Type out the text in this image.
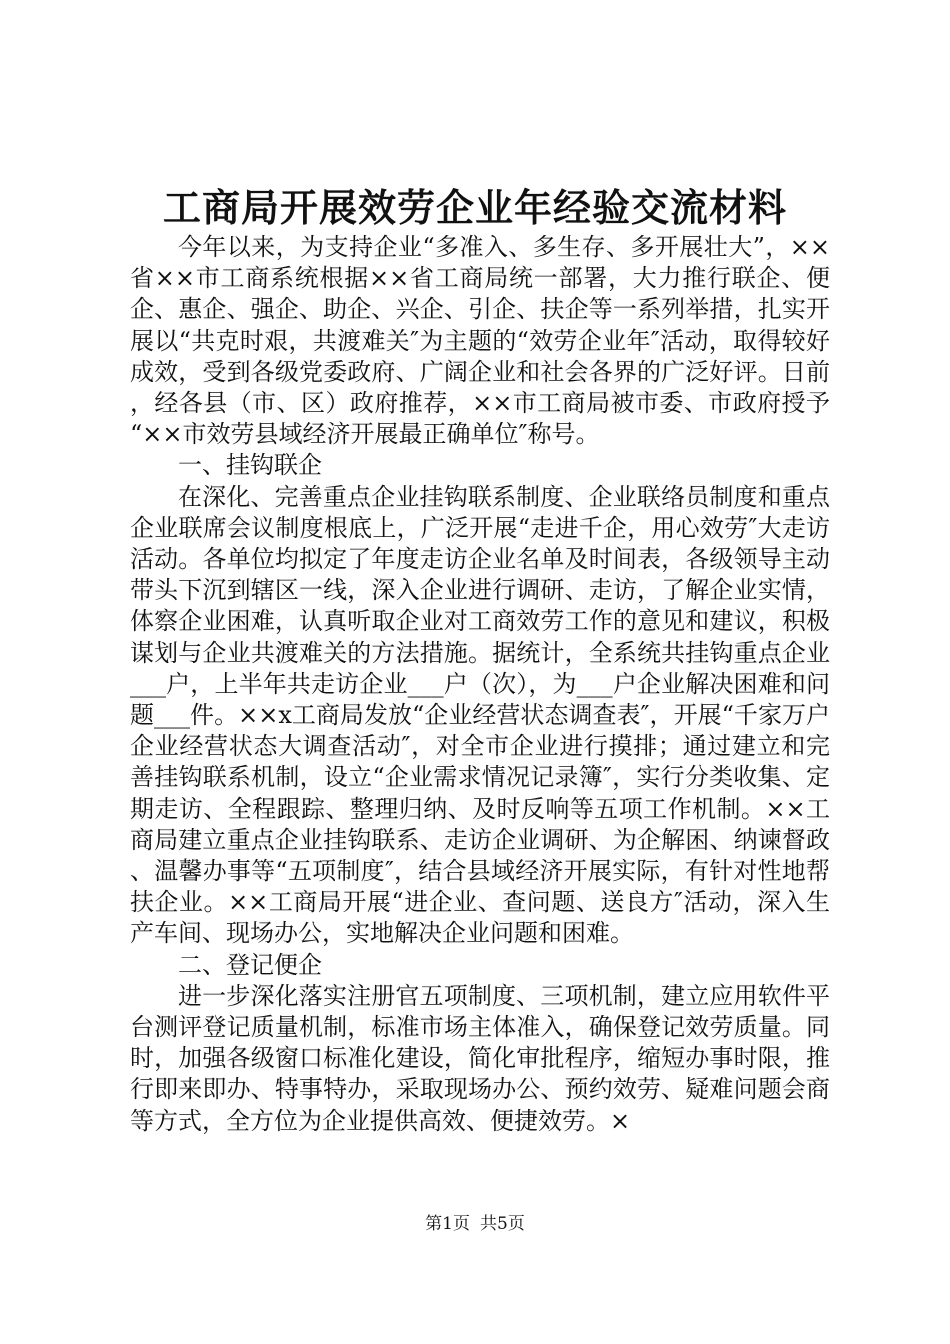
工商局开展效劳企业年经验交流材料

今年以来，为支持企业“多准入、多生存、多开展壮大”，××省××市工商系统根据××省工商局统一部署，大力推行联企、便企、惠企、强企、助企、兴企、引企、扶企等一系列举措，扎实开展以“共克时艰，共渡难关″为主题的“效劳企业年″活动，取得较好成效，受到各级党委政府、广阔企业和社会各界的广泛好评。日前，经各县（市、区）政府推荐，××市工商局被市委、市政府授予“××市效劳县域经济开展最正确单位″称号。

一、挂钩联企

在深化、完善重点企业挂钩联系制度、企业联络员制度和重点企业联席会议制度根底上，广泛开展“走进千企，用心效劳″大走访活动。各单位均拟定了年度走访企业名单及时间表，各级领导主动带头下沉到辖区一线，深入企业进行调研、走访，了解企业实情，体察企业困难，认真听取企业对工商效劳工作的意见和建议，积极谋划与企业共渡难关的方法措施。据统计，全系统共挂钩重点企业___户，上半年共走访企业___户（次），为___户企业解决困难和问题___件。××x工商局发放“企业经营状态调查表″，开展“千家万户企业经营状态大调查活动″，对全市企业进行摸排；通过建立和完善挂钩联系机制，设立“企业需求情况记录簿″，实行分类收集、定期走访、全程跟踪、整理归纳、及时反响等五项工作机制。××工商局建立重点企业挂钩联系、走访企业调研、为企解困、纳谏督政、温馨办事等“五项制度″，结合县域经济开展实际，有针对性地帮扶企业。××工商局开展“进企业、查问题、送良方″活动，深入生产车间、现场办公，实地解决企业问题和困难。

二、登记便企

进一步深化落实注册官五项制度、三项机制，建立应用软件平台测评登记质量机制，标准市场主体准入，确保登记效劳质量。同时，加强各级窗口标准化建设，简化审批程序，缩短办事时限，推行即来即办、特事特办，采取现场办公、预约效劳、疑难问题会商等方式，全方位为企业提供高效、便捷效劳。×

第1页 共5页
